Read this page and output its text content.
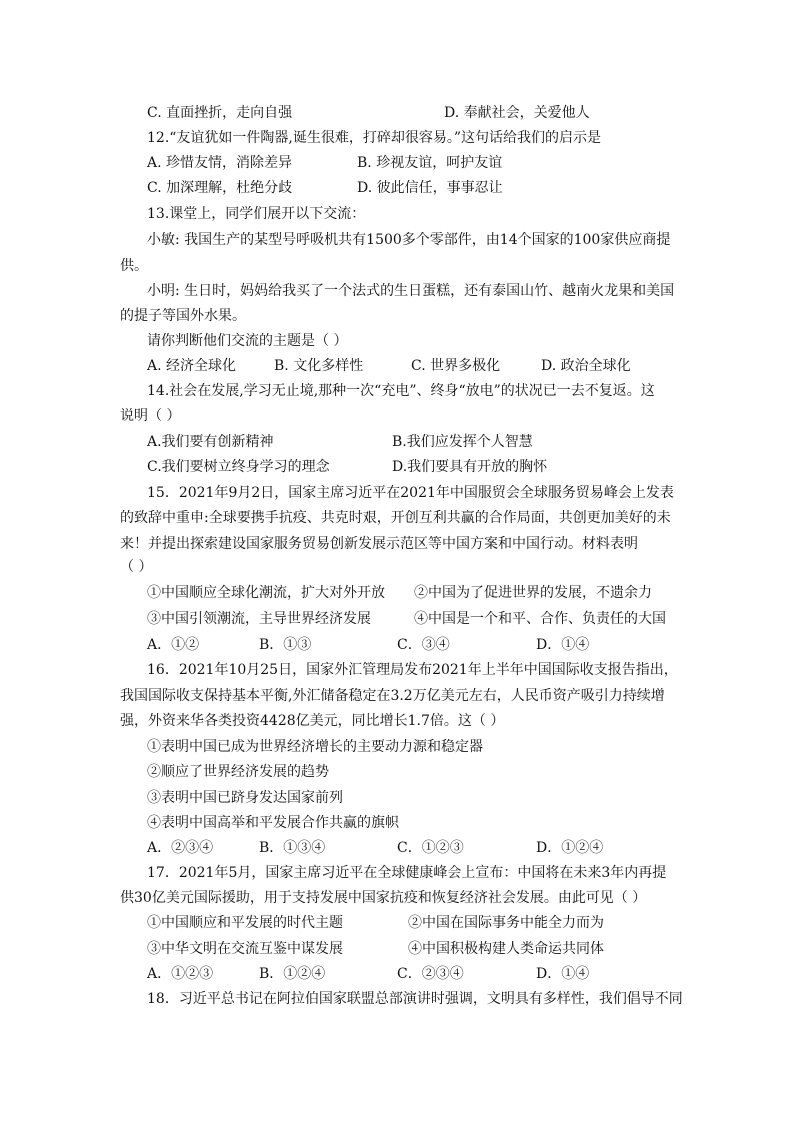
C. 直面挫折，走向自强	D. 奉献社会，关爱他人
12.“友谊犹如一件陶器,诞生很难，打碎却很容易。”这句话给我们的启示是
A. 珍惜友情，消除差异	B. 珍视友谊，呵护友谊
C. 加深理解，杜绝分歧	D. 彼此信任，事事忍让
13.课堂上，同学们展开以下交流：
小敏: 我国生产的某型号呼吸机共有1500多个零部件，由14个国家的100家供应商提
供。
小明: 生日时，妈妈给我买了一个法式的生日蛋糕，还有泰国山竹、越南火龙果和美国
的提子等国外水果。
请你判断他们交流的主题是（ ）
A. 经济全球化	B. 文化多样性	C. 世界多极化	D. 政治全球化
14.社会在发展,学习无止境,那种一次“充电”、终身“放电”的状况已一去不复返。这
说明（ ）
A.我们要有创新精神	B.我们应发挥个人智慧
C.我们要树立终身学习的理念	D.我们要具有开放的胸怀
15．2021年9月2日，国家主席习近平在2021年中国服贸会全球服务贸易峰会上发表
的致辞中重申:全球要携手抗疫、共克时艰，开创互利共赢的合作局面，共创更加美好的未
来！并提出探索建设国家服务贸易创新发展示范区等中国方案和中国行动。材料表明
（ ）
①中国顺应全球化潮流，扩大对外开放 ②中国为了促进世界的发展，不遗余力
③中国引领潮流，主导世界经济发展	④中国是一个和平、合作、负责任的大国
A．①②	B．①③	C．③④	D．①④
16．2021年10月25日，国家外汇管理局发布2021年上半年中国国际收支报告指出，
我国国际收支保持基本平衡,外汇储备稳定在3.2万亿美元左右，人民币资产吸引力持续增
强，外资来华各类投资4428亿美元，同比增长1.7倍。这（ ）
①表明中国已成为世界经济增长的主要动力源和稳定器
②顺应了世界经济发展的趋势
③表明中国已跻身发达国家前列
④表明中国高举和平发展合作共赢的旗帜
A．②③④	B．①③④	C．①②③	D．①②④
17．2021年5月，国家主席习近平在全球健康峰会上宣布：中国将在未来3年内再提
供30亿美元国际援助，用于支持发展中国家抗疫和恢复经济社会发展。由此可见（ ）
①中国顺应和平发展的时代主题	②中国在国际事务中能全力而为
③中华文明在交流互鉴中谋发展	④中国积极构建人类命运共同体
A．①②③	B．①②④	C．②③④	D．①④
18．习近平总书记在阿拉伯国家联盟总部演讲时强调，文明具有多样性，我们倡导不同
